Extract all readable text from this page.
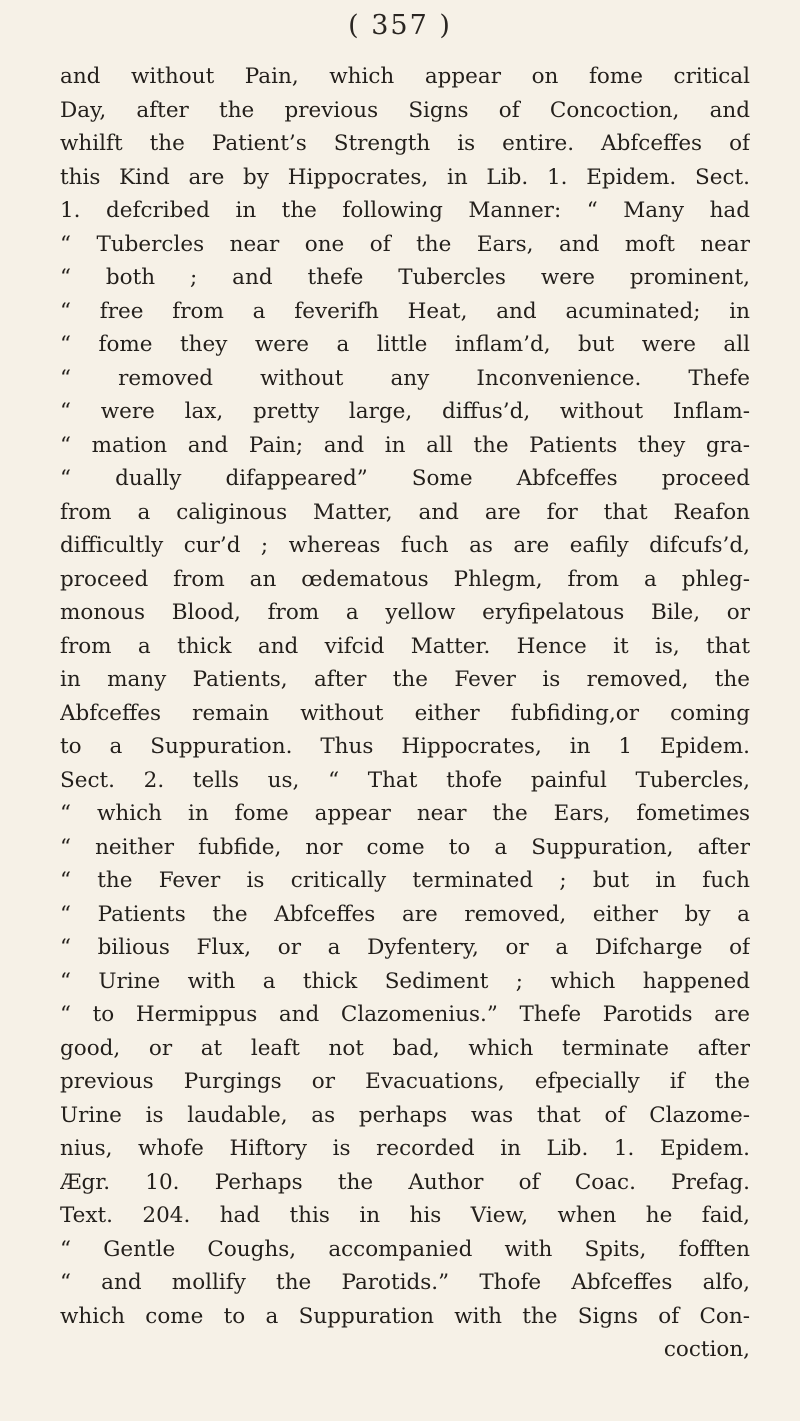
( 357 )
and without Pain, which appear on fome critical
Day, after the previous Signs of Concoction, and
whilft the Patient’s Strength is entire. Abfceffes of
this Kind are by Hippocrates, in Lib. 1. Epidem. Sect.
1. defcribed in the following Manner: “ Many had
“ Tubercles near one of the Ears, and moft near
“ both ; and thefe Tubercles were prominent,
“ free from a feverifh Heat, and acuminated; in
“ fome they were a little inflam’d, but were all
“ removed without any Inconvenience. Thefe
“ were lax, pretty large, diffus’d, without Inflam-
“ mation and Pain; and in all the Patients they gra-
“ dually difappeared” Some Abfceffes proceed
from a caliginous Matter, and are for that Reafon
difficultly cur’d ; whereas fuch as are eafily difcufs’d,
proceed from an œdematous Phlegm, from a phleg-
monous Blood, from a yellow eryfipelatous Bile, or
from a thick and vifcid Matter. Hence it is, that
in many Patients, after the Fever is removed, the
Abfceffes remain without either fubfiding,or coming
to a Suppuration. Thus Hippocrates, in 1 Epidem.
Sect. 2. tells us, “ That thofe painful Tubercles,
“ which in fome appear near the Ears, fometimes
“ neither fubfide, nor come to a Suppuration, after
“ the Fever is critically terminated ; but in fuch
“ Patients the Abfceffes are removed, either by a
“ bilious Flux, or a Dyfentery, or a Difcharge of
“ Urine with a thick Sediment ; which happened
“ to Hermippus and Clazomenius.” Thefe Parotids are
good, or at leaft not bad, which terminate after
previous Purgings or Evacuations, efpecially if the
Urine is laudable, as perhaps was that of Clazome-
nius, whofe Hiftory is recorded in Lib. 1. Epidem.
Ægr. 10. Perhaps the Author of Coac. Prefag.
Text. 204. had this in his View, when he faid,
“ Gentle Coughs, accompanied with Spits, fofften
“ and mollify the Parotids.” Thofe Abfceffes alfo,
which come to a Suppuration with the Signs of Con-
coction,
